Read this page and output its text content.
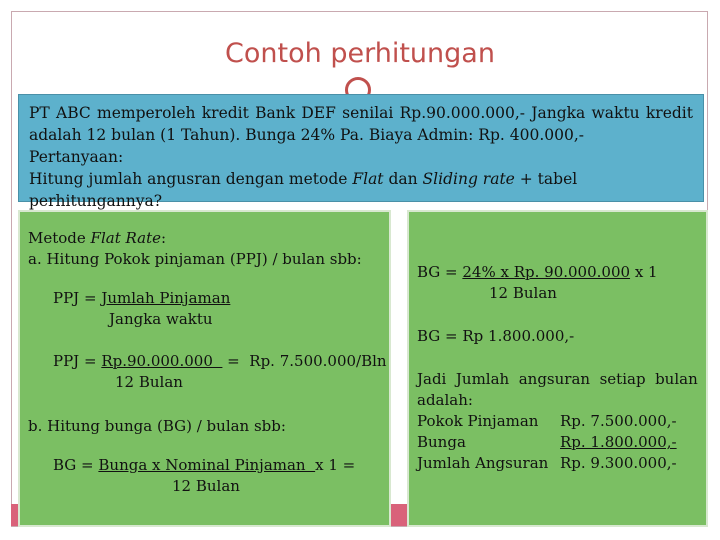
Contoh perhitungan

PT ABC memperoleh kredit Bank DEF senilai Rp.90.000.000,- Jangka waktu kredit

adalah 12 bulan (1 Tahun). Bunga 24% Pa. Biaya Admin: Rp. 400.000,-

Pertanyaan:

Hitung jumlah angusran dengan metode Flat dan Sliding rate + tabel perhitungannya?

Metode Flat Rate:
a. Hitung Pokok pinjaman (PPJ) / bulan sbb:
PPJ = Jumlah Pinjaman
Jangka waktu
PPJ = Rp.90.000.000   =  Rp. 7.500.000/Bln
12 Bulan
b. Hitung bunga (BG) / bulan sbb:
BG = Bunga x Nominal Pinjaman  x 1 =
12 Bulan
BG = 24% x Rp. 90.000.000 x 1
12 Bulan
BG = Rp 1.800.000,-
Jadi  Jumlah  angsuran  setiap  bulan
adalah:
Pokok Pinjaman	Rp. 7.500.000,-
Bunga	Rp. 1.800.000,-
Jumlah Angsuran Rp. 9.300.000,-
